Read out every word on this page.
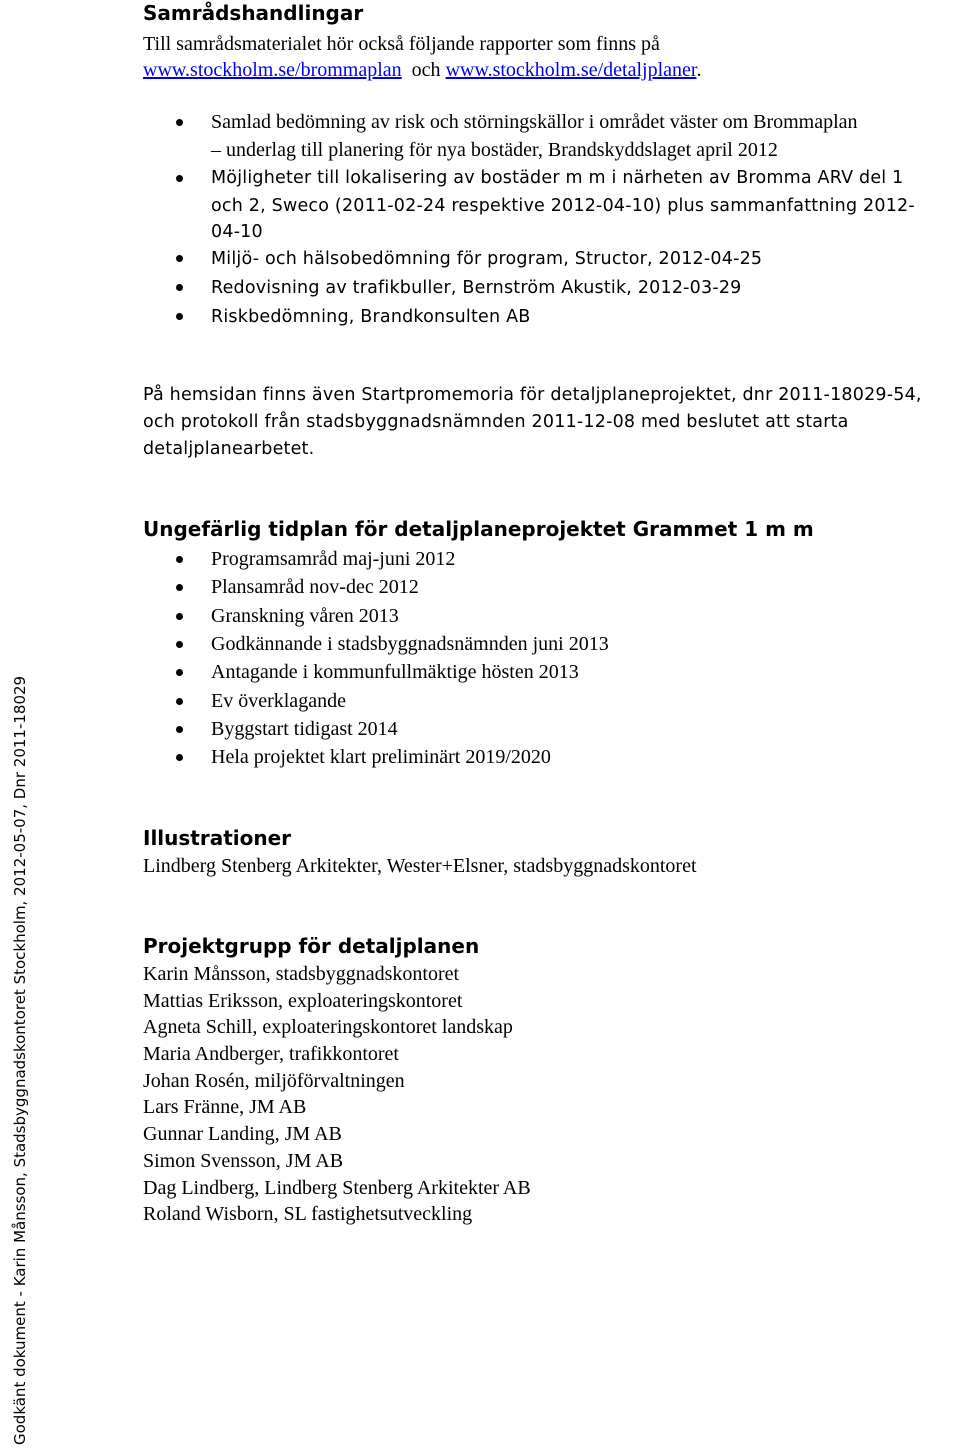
Samrådshandlingar
Till samrådsmaterialet hör också följande rapporter som finns på
www.stockholm.se/brommaplan och www.stockholm.se/detaljplaner.
Samlad bedömning av risk och störningskällor i området väster om Brommaplan
– underlag till planering för nya bostäder, Brandskyddslaget april 2012
Möjligheter till lokalisering av bostäder m m i närheten av Bromma ARV del 1
och 2, Sweco (2011-02-24 respektive 2012-04-10) plus sammanfattning 2012-
04-10
Miljö- och hälsobedömning för program, Structor, 2012-04-25
Redovisning av trafikbuller, Bernström Akustik, 2012-03-29
Riskbedömning, Brandkonsulten AB
På hemsidan finns även Startpromemoria för detaljplaneprojektet, dnr 2011-18029-54,
och protokoll från stadsbyggnadsnämnden 2011-12-08 med beslutet att starta
detaljplanearbetet.
Ungefärlig tidplan för detaljplaneprojektet Grammet 1 m m
Programsamråd maj-juni 2012
Plansamråd nov-dec 2012
Granskning våren 2013
Godkännande i stadsbyggnadsnämnden juni 2013
Antagande i kommunfullmäktige hösten 2013
Ev överklagande
Byggstart tidigast 2014
Hela projektet klart preliminärt 2019/2020
Illustrationer
Lindberg Stenberg Arkitekter, Wester+Elsner, stadsbyggnadskontoret
Projektgrupp för detaljplanen
Karin Månsson, stadsbyggnadskontoret
Mattias Eriksson, exploateringskontoret
Agneta Schill, exploateringskontoret landskap
Maria Andberger, trafikkontoret
Johan Rosén, miljöförvaltningen
Lars Fränne, JM AB
Gunnar Landing, JM AB
Simon Svensson, JM AB
Dag Lindberg, Lindberg Stenberg Arkitekter AB
Roland Wisborn, SL fastighetsutveckling
Godkänt dokument - Karin Månsson, Stadsbyggnadskontoret Stockholm, 2012-05-07, Dnr 2011-18029
